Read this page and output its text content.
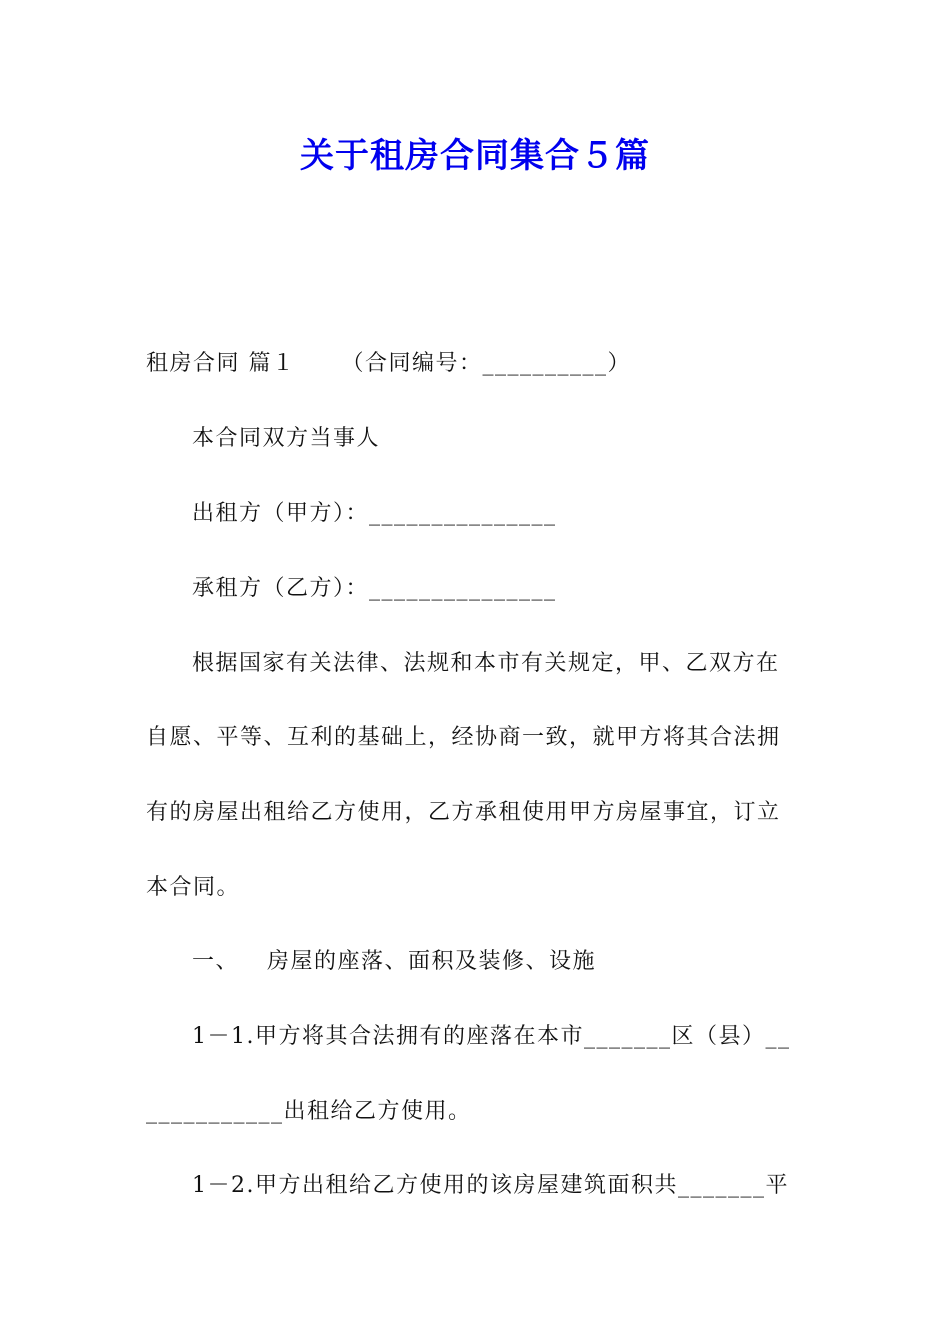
关于租房合同集合５篇
租房合同 篇１ （合同编号：__________）
本合同双方当事人
出租方（甲方）：_______________
承租方（乙方）：_______________
根据国家有关法律、法规和本市有关规定，甲、乙双方在
自愿、平等、互利的基础上，经协商一致，就甲方将其合法拥
有的房屋出租给乙方使用，乙方承租使用甲方房屋事宜，订立
本合同。
一、 房屋的座落、面积及装修、设施
1－1.甲方将其合法拥有的座落在本市_______区（县）__
___________出租给乙方使用。
1－2.甲方出租给乙方使用的该房屋建筑面积共_______平
